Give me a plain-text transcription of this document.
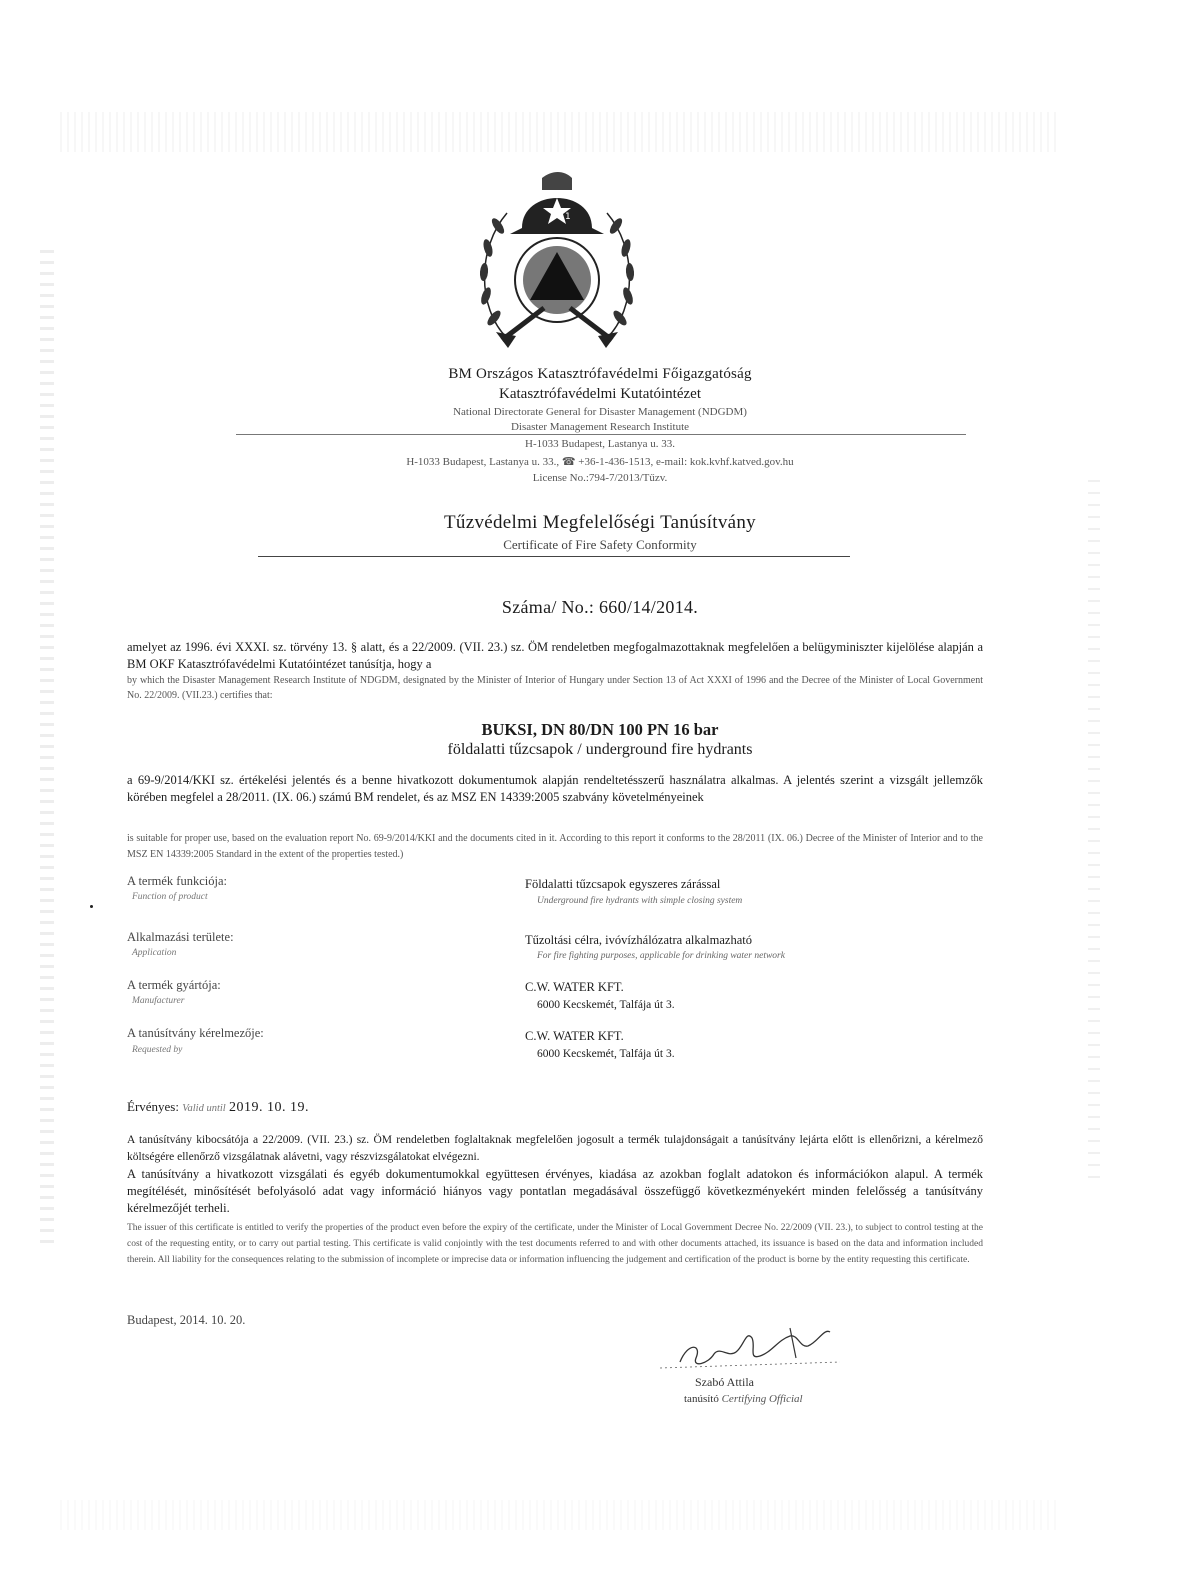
1
BM Országos Katasztrófavédelmi Főigazgatóság
Katasztrófavédelmi Kutatóintézet
National Directorate General for Disaster Management (NDGDM)
Disaster Management Research Institute
H-1033 Budapest, Lastanya u. 33.
H-1033 Budapest, Lastanya u. 33., ☎ +36-1-436-1513, e-mail: kok.kvhf.katved.gov.hu
License No.:794-7/2013/Tűzv.
Tűzvédelmi Megfelelőségi Tanúsítvány
Certificate of Fire Safety Conformity
Száma/ No.: 660/14/2014.
amelyet az 1996. évi XXXI. sz. törvény 13. § alatt, és a 22/2009. (VII. 23.) sz. ÖM rendeletben megfogalmazottaknak megfelelően a belügyminiszter kijelölése alapján a BM OKF Katasztrófavédelmi Kutatóintézet tanúsítja, hogy a
by which the Disaster Management Research Institute of NDGDM, designated by the Minister of Interior of Hungary under Section 13 of Act XXXI of 1996 and the Decree of the Minister of Local Government No. 22/2009. (VII.23.) certifies that:
BUKSI, DN 80/DN 100 PN 16 bar
földalatti tűzcsapok / underground fire hydrants
a 69-9/2014/KKI sz. értékelési jelentés és a benne hivatkozott dokumentumok alapján rendeltetésszerű használatra alkalmas. A jelentés szerint a vizsgált jellemzők körében megfelel a 28/2011. (IX. 06.) számú BM rendelet, és az MSZ EN 14339:2005 szabvány követelményeinek
is suitable for proper use, based on the evaluation report No. 69-9/2014/KKI and the documents cited in it. According to this report it conforms to the 28/2011 (IX. 06.) Decree of the Minister of Interior and to the MSZ EN 14339:2005 Standard in the extent of the properties tested.)
A termék funkciója:
Function of product
Földalatti tűzcsapok egyszeres zárással
Underground fire hydrants with simple closing system
Alkalmazási területe:
Application
Tűzoltási célra, ivóvízhálózatra alkalmazható
For fire fighting purposes, applicable for drinking water network
A termék gyártója:
Manufacturer
C.W. WATER KFT.
6000 Kecskemét, Talfája út 3.
A tanúsítvány kérelmezője:
Requested by
C.W. WATER KFT.
6000 Kecskemét, Talfája út 3.
Érvényes: Valid until 2019. 10. 19.
A tanúsítvány kibocsátója a 22/2009. (VII. 23.) sz. ÖM rendeletben foglaltaknak megfelelően jogosult a termék tulajdonságait a tanúsítvány lejárta előtt is ellenőrizni, a kérelmező költségére ellenőrző vizsgálatnak alávetni, vagy részvizsgálatokat elvégezni.
A tanúsítvány a hivatkozott vizsgálati és egyéb dokumentumokkal együttesen érvényes, kiadása az azokban foglalt adatokon és információkon alapul. A termék megítélését, minősítését befolyásoló adat vagy információ hiányos vagy pontatlan megadásával összefüggő következményekért minden felelősség a tanúsítvány kérelmezőjét terheli.
The issuer of this certificate is entitled to verify the properties of the product even before the expiry of the certificate, under the Minister of Local Government Decree No. 22/2009 (VII. 23.), to subject to control testing at the cost of the requesting entity, or to carry out partial testing. This certificate is valid conjointly with the test documents referred to and with other documents attached, its issuance is based on the data and information included therein. All liability for the consequences relating to the submission of incomplete or imprecise data or information influencing the judgement and certification of the product is borne by the entity requesting this certificate.
Budapest, 2014. 10. 20.
Szabó Attila
tanúsító Certifying Official
